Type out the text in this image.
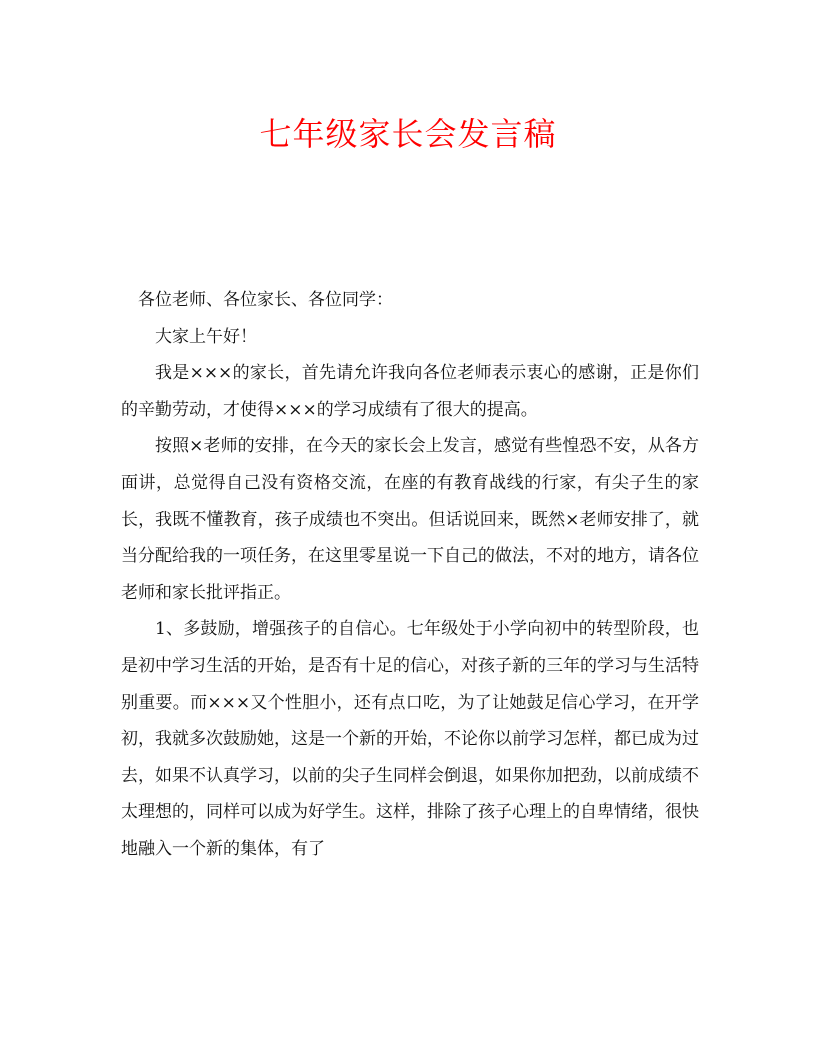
七年级家长会发言稿

各位老师、各位家长、各位同学：

大家上午好！

我是×××的家长，首先请允许我向各位老师表示衷心的感谢，正是你们的辛勤劳动，才使得×××的学习成绩有了很大的提高。

按照×老师的安排，在今天的家长会上发言，感觉有些惶恐不安，从各方面讲，总觉得自己没有资格交流，在座的有教育战线的行家，有尖子生的家长，我既不懂教育，孩子成绩也不突出。但话说回来，既然×老师安排了，就当分配给我的一项任务，在这里零星说一下自己的做法，不对的地方，请各位老师和家长批评指正。

1、多鼓励，增强孩子的自信心。七年级处于小学向初中的转型阶段，也是初中学习生活的开始，是否有十足的信心，对孩子新的三年的学习与生活特别重要。而×××又个性胆小，还有点口吃，为了让她鼓足信心学习，在开学初，我就多次鼓励她，这是一个新的开始，不论你以前学习怎样，都已成为过去，如果不认真学习，以前的尖子生同样会倒退，如果你加把劲，以前成绩不太理想的，同样可以成为好学生。这样，排除了孩子心理上的自卑情绪，很快地融入一个新的集体，有了
